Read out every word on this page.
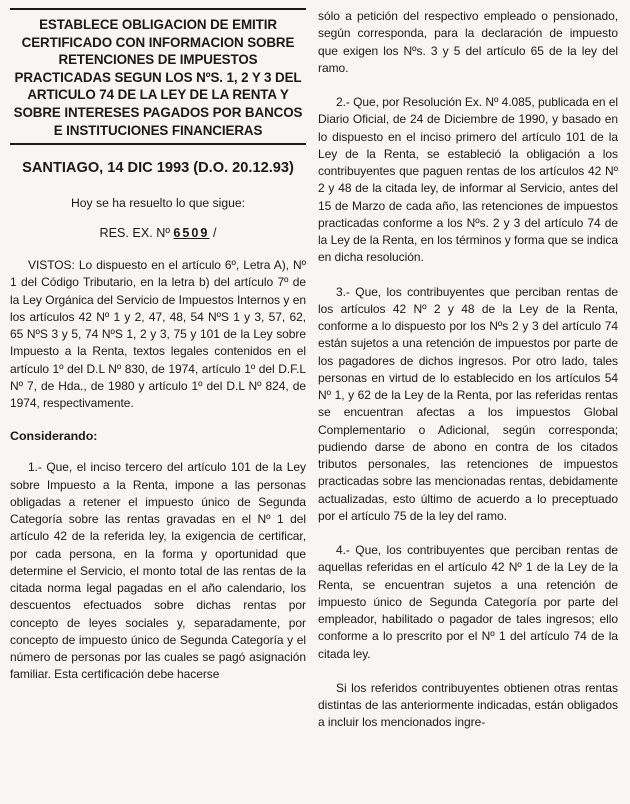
ESTABLECE OBLIGACION DE EMITIR CERTIFICADO CON INFORMACION SOBRE RETENCIONES DE IMPUESTOS PRACTICADAS SEGUN LOS NºS. 1, 2 Y 3 DEL ARTICULO 74 DE LA LEY DE LA RENTA Y SOBRE INTERESES PAGADOS POR BANCOS E INSTITUCIONES FINANCIERAS
SANTIAGO, 14 DIC 1993 (D.O. 20.12.93)
Hoy se ha resuelto lo que sigue:
RES. EX. Nº 6509 /

VISTOS: Lo dispuesto en el artículo 6º, Letra A), Nº 1 del Código Tributario, en la letra b) del artículo 7º de la Ley Orgánica del Servicio de Impuestos Internos y en los artículos 42 Nº 1 y 2, 47, 48, 54 NºS 1 y 3, 57, 62, 65 NºS 3 y 5, 74 NºS 1, 2 y 3, 75 y 101 de la Ley sobre Impuesto a la Renta, textos legales contenidos en el artículo 1º del D.L Nº 830, de 1974, artículo 1º del D.F.L Nº 7, de Hda., de 1980 y artículo 1º del D.L Nº 824, de 1974, respectivamente.

Considerando:

1.- Que, el inciso tercero del artículo 101 de la Ley sobre Impuesto a la Renta, impone a las personas obligadas a retener el impuesto único de Segunda Categoría sobre las rentas gravadas en el Nº 1 del artículo 42 de la referida ley, la exigencia de certificar, por cada persona, en la forma y oportunidad que determine el Servicio, el monto total de las rentas de la citada norma legal pagadas en el año calendario, los descuentos efectuados sobre dichas rentas por concepto de leyes sociales y, separadamente, por concepto de impuesto único de Segunda Categoría y el número de personas por las cuales se pagó asignación familiar. Esta certificación debe hacerse

sólo a petición del respectivo empleado o pensionado, según corresponda, para la declaración de impuesto que exigen los Nºs. 3 y 5 del artículo 65 de la ley del ramo.

2.- Que, por Resolución Ex. Nº 4.085, publicada en el Diario Oficial, de 24 de Diciembre de 1990, y basado en lo dispuesto en el inciso primero del artículo 101 de la Ley de la Renta, se estableció la obligación a los contribuyentes que paguen rentas de los artículos 42 Nº 2 y 48 de la citada ley, de informar al Servicio, antes del 15 de Marzo de cada año, las retenciones de impuestos practicadas conforme a los Nºs. 2 y 3 del artículo 74 de la Ley de la Renta, en los términos y forma que se indica en dicha resolución.

3.- Que, los contribuyentes que perciban rentas de los artículos 42 Nº 2 y 48 de la Ley de la Renta, conforme a lo dispuesto por los Nºs 2 y 3 del artículo 74 están sujetos a una retención de impuestos por parte de los pagadores de dichos ingresos. Por otro lado, tales personas en virtud de lo establecido en los artículos 54 Nº 1, y 62 de la Ley de la Renta, por las referidas rentas se encuentran afectas a los impuestos Global Complementario o Adicional, según corresponda; pudiendo darse de abono en contra de los citados tributos personales, las retenciones de impuestos practicadas sobre las mencionadas rentas, debidamente actualizadas, esto último de acuerdo a lo preceptuado por el artículo 75 de la ley del ramo.

4.- Que, los contribuyentes que perciban rentas de aquellas referidas en el artículo 42 Nº 1 de la Ley de la Renta, se encuentran sujetos a una retención de impuesto único de Segunda Categoría por parte del empleador, habilitado o pagador de tales ingresos; ello conforme a lo prescrito por el Nº 1 del artículo 74 de la citada ley.

Si los referidos contribuyentes obtienen otras rentas distintas de las anteriormente indicadas, están obligados a incluir los mencionados ingre-
